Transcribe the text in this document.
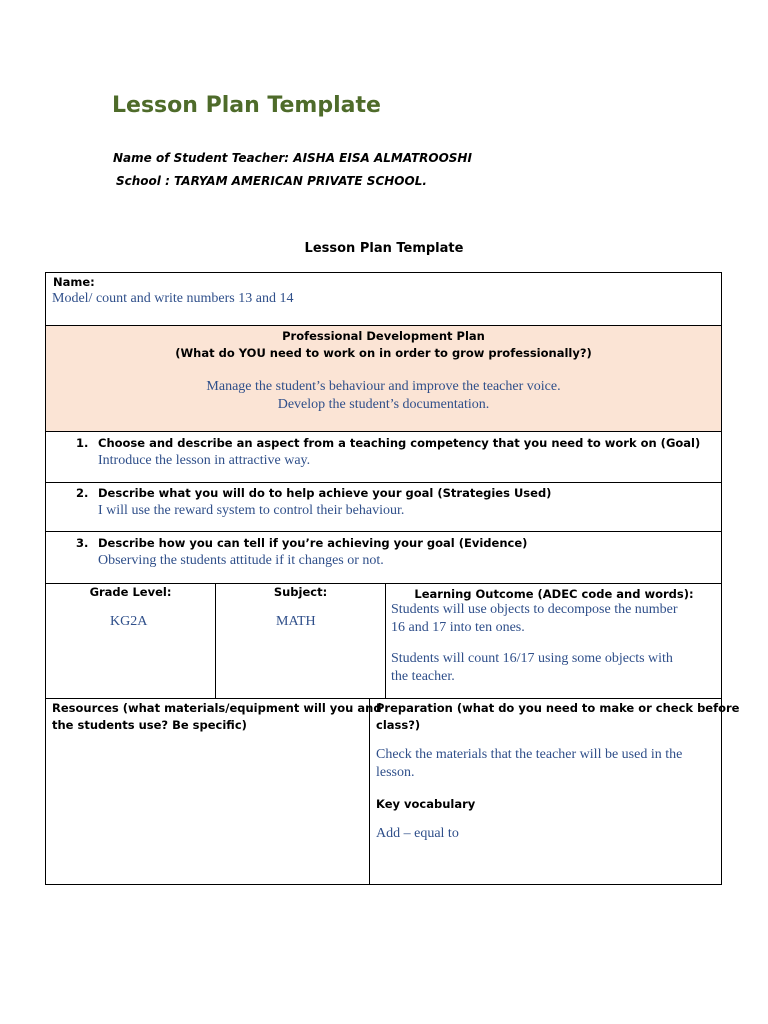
Lesson Plan Template
Name of Student Teacher: AISHA EISA ALMATROOSHI
School : TARYAM AMERICAN PRIVATE SCHOOL.
Lesson Plan Template
Name:
Model/ count and write numbers 13 and 14
Professional Development Plan
(What do YOU need to work on in order to grow professionally?)
Manage the student’s behaviour and improve the teacher voice.
Develop the student’s documentation.
1. Choose and describe an aspect from a teaching competency that you need to work on (Goal)
Introduce the lesson in attractive way.
2. Describe what you will do to help achieve your goal (Strategies Used)
I will use the reward system to control their behaviour.
3. Describe how you can tell if you’re achieving your goal (Evidence)
Observing the students attitude if it changes or not.
Grade Level:
KG2A
Subject:
MATH
Learning Outcome (ADEC code and words):
Students will use objects to decompose the number
16 and 17 into ten ones.
Students will count 16/17 using some objects with
the teacher.
Resources (what materials/equipment will you and
the students use? Be specific)
Preparation (what do you need to make or check before
class?)
Check the materials that the teacher will be used in the
lesson.
Key vocabulary
Add – equal to
